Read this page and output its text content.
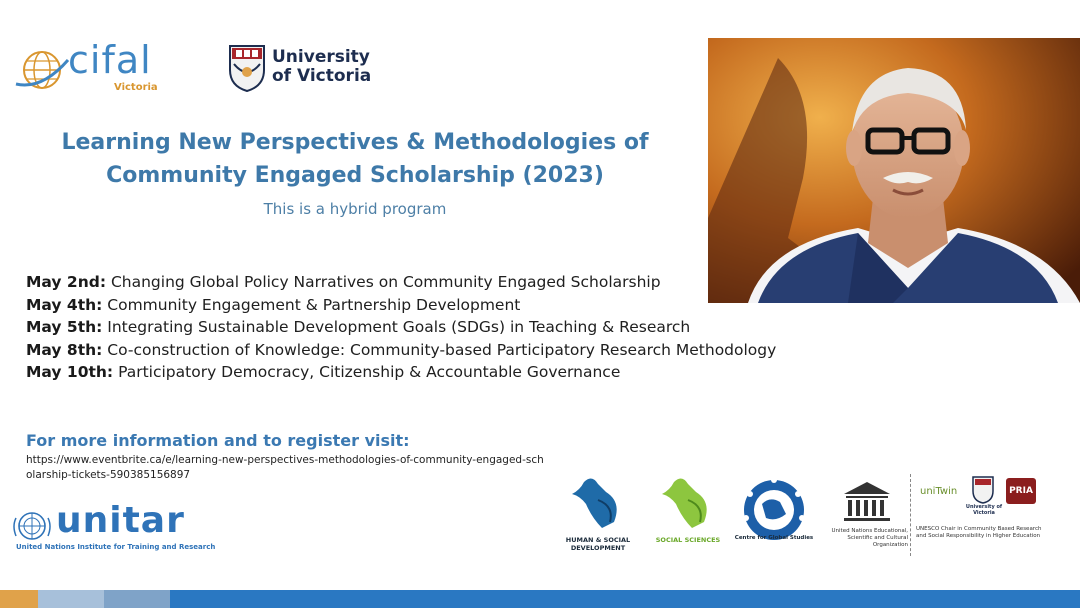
cifal
Victoria
University
of Victoria
Learning New Perspectives & Methodologies of
Community Engaged Scholarship (2023)
This is a hybrid program
May 2nd: Changing Global Policy Narratives on Community Engaged Scholarship
May 4th: Community Engagement & Partnership Development
May 5th: Integrating Sustainable Development Goals (SDGs) in Teaching & Research
May 8th: Co-construction of Knowledge: Community-based Participatory Research Methodology
May 10th: Participatory Democracy, Citizenship & Accountable Governance
For more information and to register visit:
https://www.eventbrite.ca/e/learning-new-perspectives-methodologies-of-community-engaged-scholarship-tickets-590385156897
unitar
United Nations Institute for Training and Research
HUMAN & SOCIAL DEVELOPMENT
SOCIAL SCIENCES	Centre for Global Studies
United Nations Educational, Scientific and Cultural Organization
uniTwin
University of Victoria
PRIA
UNESCO Chair in Community Based Research and Social Responsibility in Higher Education
